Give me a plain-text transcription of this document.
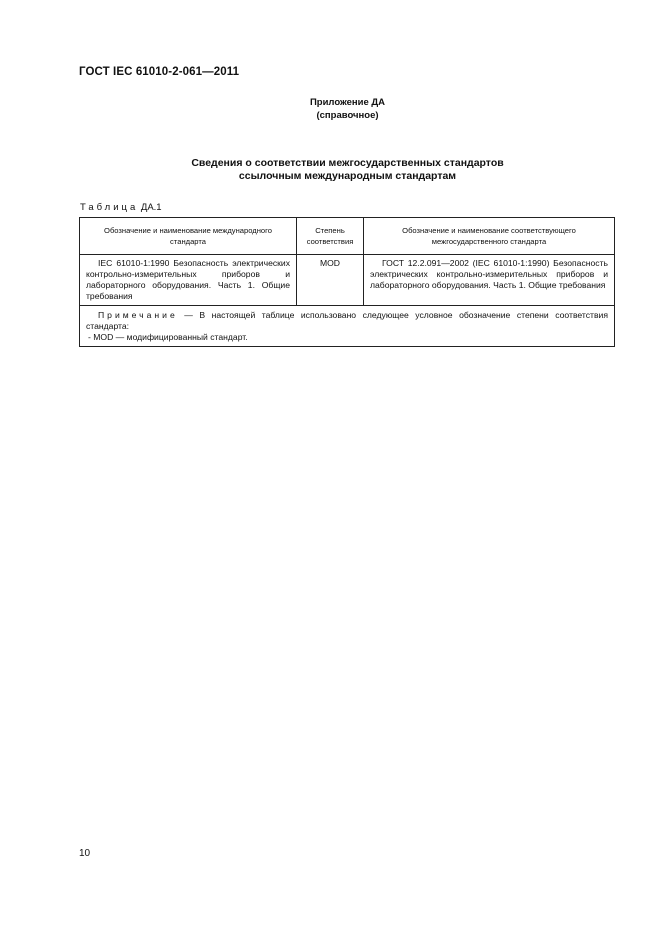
ГОСТ IEC 61010-2-061—2011
Приложение ДА
(справочное)
Сведения о соответствии межгосударственных стандартов
ссылочным международным стандартам
Таблица ДА.1
Обозначение и наименование международного стандарта	Степень соответствия	Обозначение и наименование соответствующего межгосударственного стандарта
IEC 61010-1:1990 Безопасность электрических контрольно-измерительных приборов и лабораторного оборудования. Часть 1. Общие требования	MOD	ГОСТ 12.2.091—2002 (IEC 61010-1:1990) Безопасность электрических контрольно-измерительных приборов и лабораторного оборудования. Часть 1. Общие требования

Примечание — В настоящей таблице использовано следующее условное обозначение степени соответствия стандарта:
- MOD — модифицированный стандарт.		
10
